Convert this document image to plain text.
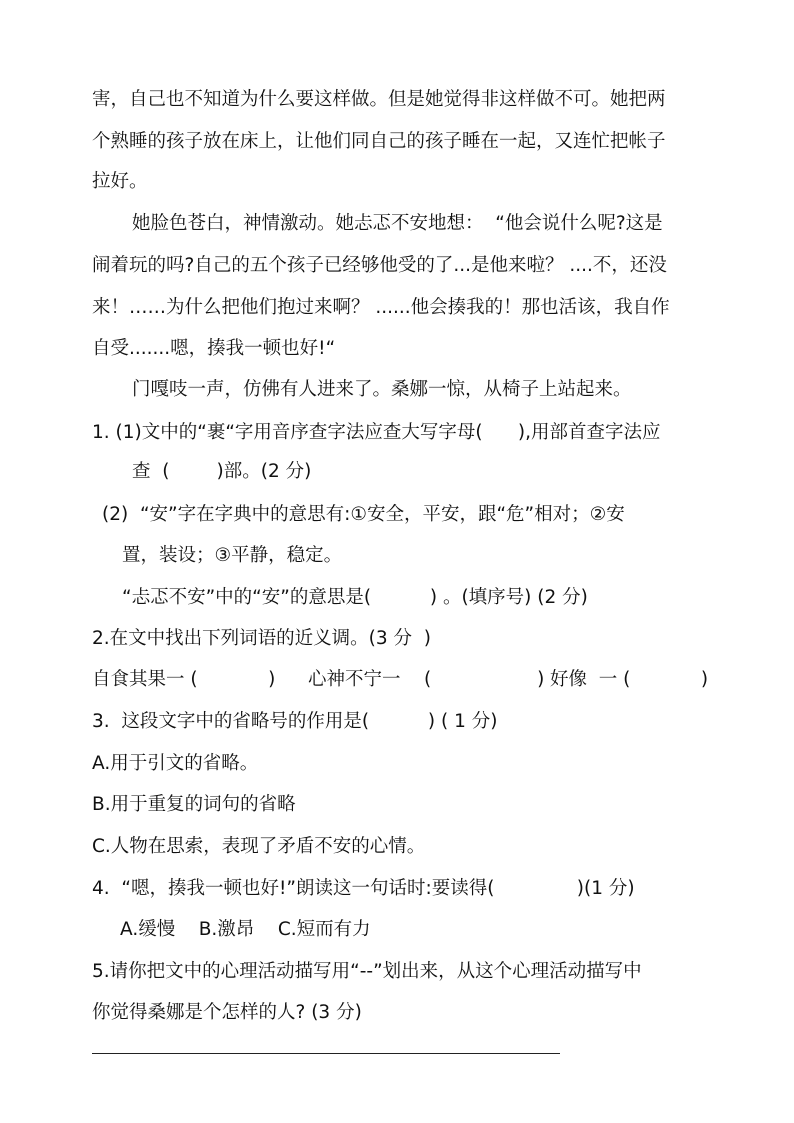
害，自己也不知道为什么要这样做。但是她觉得非这样做不可。她把两
个熟睡的孩子放在床上，让他们同自己的孩子睡在一起，又连忙把帐子
拉好。
她脸色苍白，神情激动。她忐忑不安地想：  “他会说什么呢?这是
闹着玩的吗?自己的五个孩子已经够他受的了...是他来啦？ ....不，还没
来！……为什么把他们抱过来啊？ ......他会揍我的！那也活该，我自作
自受.......嗯，揍我一顿也好!“
门嘎吱一声，仿佛有人进来了。桑娜一惊，从椅子上站起来。
1. (1)文中的“裹“字用音序查字法应查大写字母(      ),用部首查字法应
查  (        )部。(2 分)
(2)  “安”字在字典中的意思有:①安全，平安，跟“危”相对；②安
置，装设；③平静，稳定。
“忐忑不安”中的“安”的意思是(          ) 。(填序号) (2 分)
2.在文中找出下列词语的近义调。(3 分  )
自食其果一 (            ) 心神不宁一    (                  ) 好像  一 (            )
3.  这段文字中的省略号的作用是(          ) ( 1 分)
A.用于引文的省略。
B.用于重复的词句的省略
C.人物在思索，表现了矛盾不安的心情。
4.  “嗯，揍我一顿也好!”朗读这一句话时:要读得(              )(1 分)
A.缓慢    B.激昂    C.短而有力
5.请你把文中的心理活动描写用“--”划出来，从这个心理活动描写中
你觉得桑娜是个怎样的人? (3 分)
